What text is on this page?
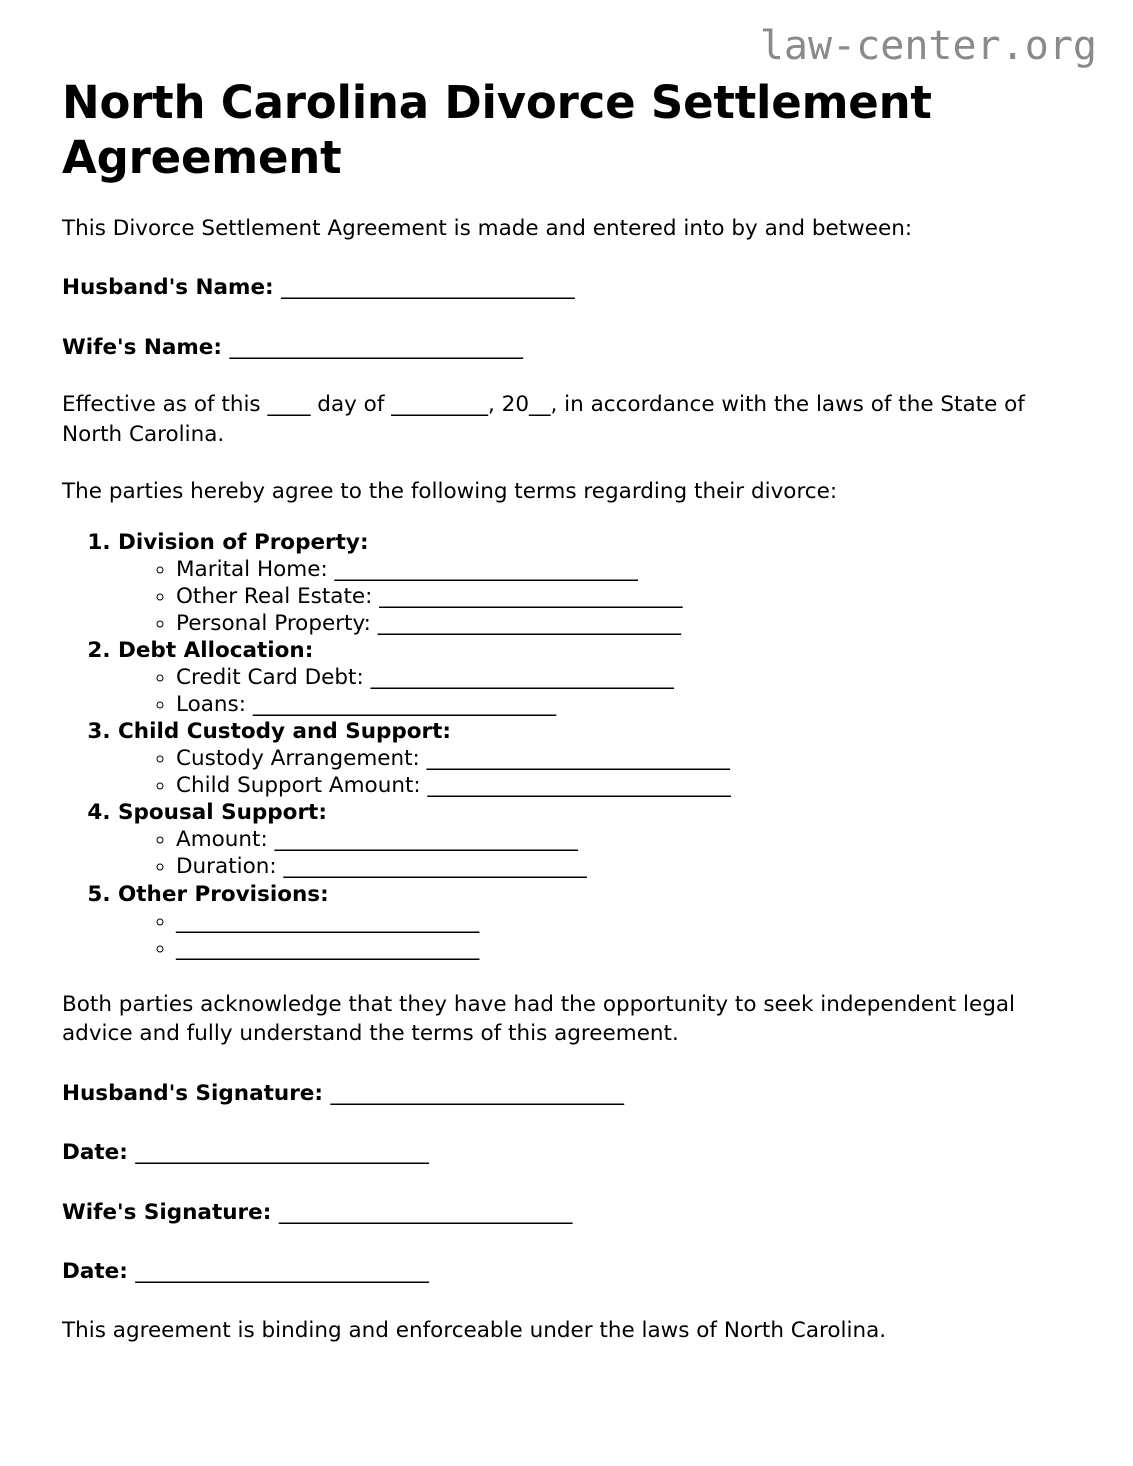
law-center.org
North Carolina Divorce Settlement Agreement

This Divorce Settlement Agreement is made and entered into by and between:

Husband's Name: ______________________________

Wife's Name: ______________________________

Effective as of this ____ day of _________, 20__, in accordance with the laws of the State of North Carolina.

The parties hereby agree to the following terms regarding their divorce:

1. Division of Property:
◦ Marital Home: _______________________________
◦ Other Real Estate: _______________________________
◦ Personal Property: _______________________________
2. Debt Allocation:
◦ Credit Card Debt: _______________________________
◦ Loans: _______________________________
3. Child Custody and Support:
◦ Custody Arrangement: _______________________________
◦ Child Support Amount: _______________________________
4. Spousal Support:
◦ Amount: _______________________________
◦ Duration: _______________________________
5. Other Provisions:
◦ _______________________________
◦ _______________________________

Both parties acknowledge that they have had the opportunity to seek independent legal advice and fully understand the terms of this agreement.

Husband's Signature: ______________________________

Date: ______________________________

Wife's Signature: ______________________________

Date: ______________________________

This agreement is binding and enforceable under the laws of North Carolina.
